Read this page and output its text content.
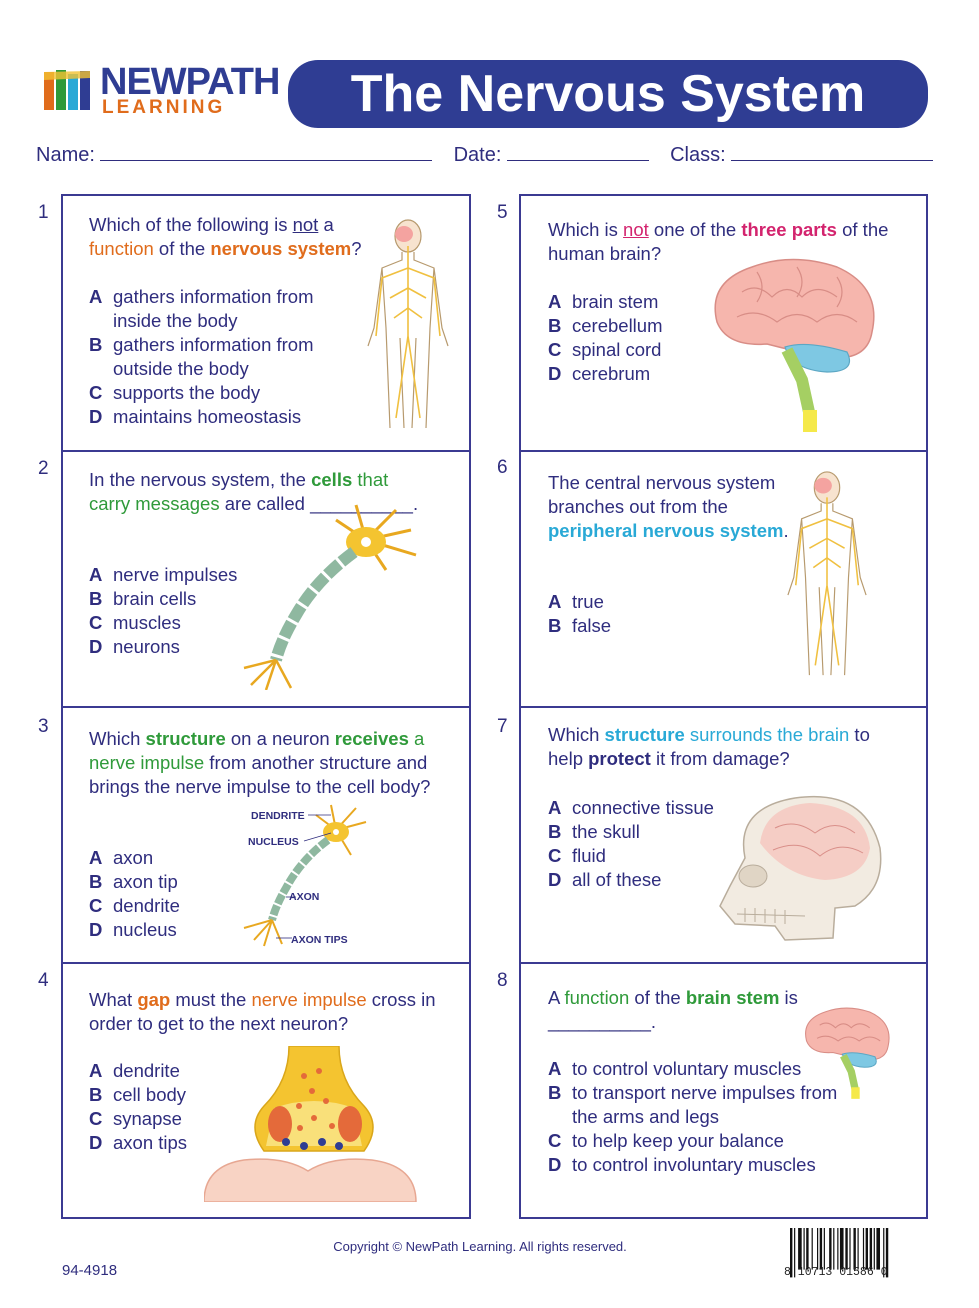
NEWPATH
LEARNING	The Nervous System
Name:	Date:	Class:
1
Which of the following is not a function of the nervous system?
A gathers information from inside the body
B gathers information from outside the body
C supports the body
D maintains homeostasis
2
In the nervous system, the cells that carry messages are called __________.
A nerve impulses
B brain cells
C muscles
D neurons
3
Which structure on a neuron receives a nerve impulse from another structure and brings the nerve impulse to the cell body?
A axon
B axon tip
C dendrite
D nucleus
4
What gap must the nerve impulse cross in order to get to the next neuron?
A dendrite
B cell body
C synapse
D axon tips
5
Which is not one of the three parts of the human brain?
A brain stem
B cerebellum
C spinal cord
D cerebrum
6
The central nervous system branches out from the peripheral nervous system.
A true
B false
7 Which structure surrounds the brain to help protect it from damage?
A connective tissue
B the skull
C fluid
D all of these
8
A function of the brain stem is __________.
A to control voluntary muscles
B to transport nerve impulses from the arms and legs
C to help keep your balance
D to control involuntary muscles
DENDRITE
NUCLEUS
AXON
AXON TIPS
Copyright © NewPath Learning. All rights reserved.
94-4918	8 10713 01586 0
